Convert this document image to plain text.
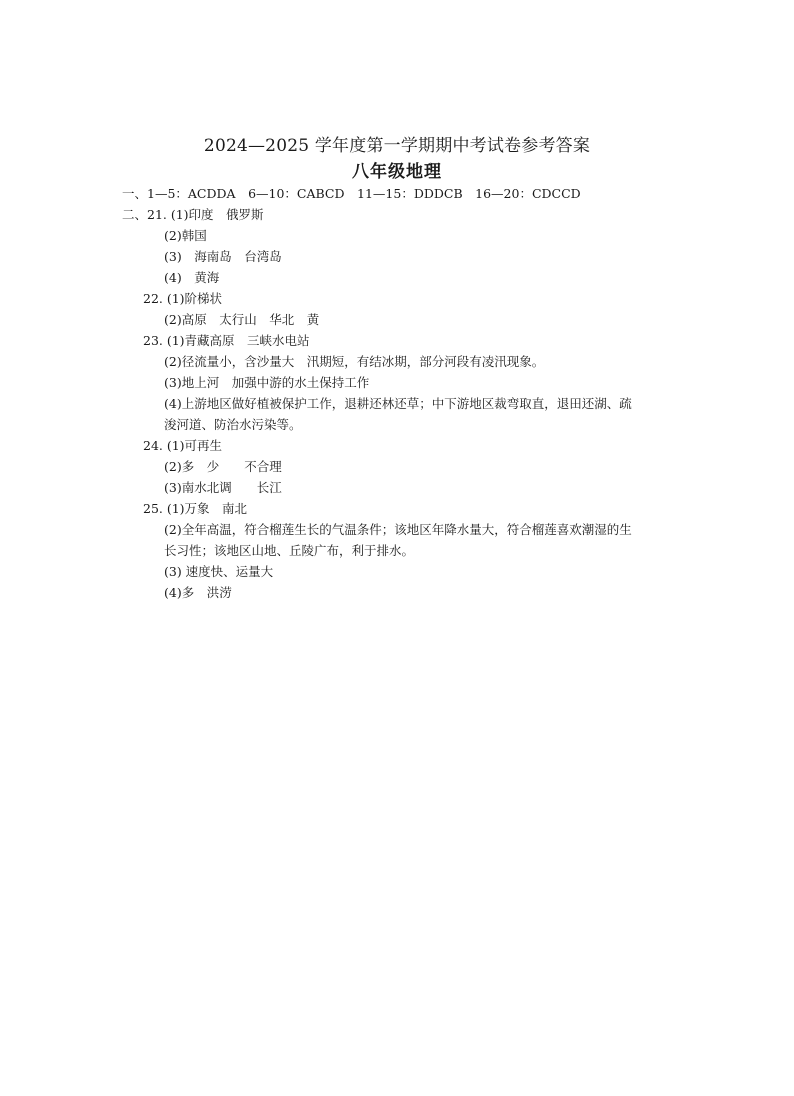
2024—2025 学年度第一学期期中考试卷参考答案
八年级地理
一、1—5：ACDDA　6—10：CABCD　11—15：DDDCB　16—20：CDCCD
二、21. (1)印度　俄罗斯
(2)韩国
(3)　海南岛　台湾岛
(4)　黄海
22. (1)阶梯状
(2)高原　太行山　华北　黄
23. (1)青藏高原　三峡水电站
(2)径流量小，含沙量大　汛期短，有结冰期，部分河段有凌汛现象。
(3)地上河　加强中游的水土保持工作
(4)上游地区做好植被保护工作，退耕还林还草；中下游地区裁弯取直，退田还湖、疏
浚河道、防治水污染等。
24. (1)可再生
(2)多　少　　不合理
(3)南水北调　　长江
25. (1)万象　南北
(2)全年高温，符合榴莲生长的气温条件；该地区年降水量大，符合榴莲喜欢潮湿的生
长习性；该地区山地、丘陵广布，利于排水。
(3) 速度快、运量大
(4)多　洪涝
